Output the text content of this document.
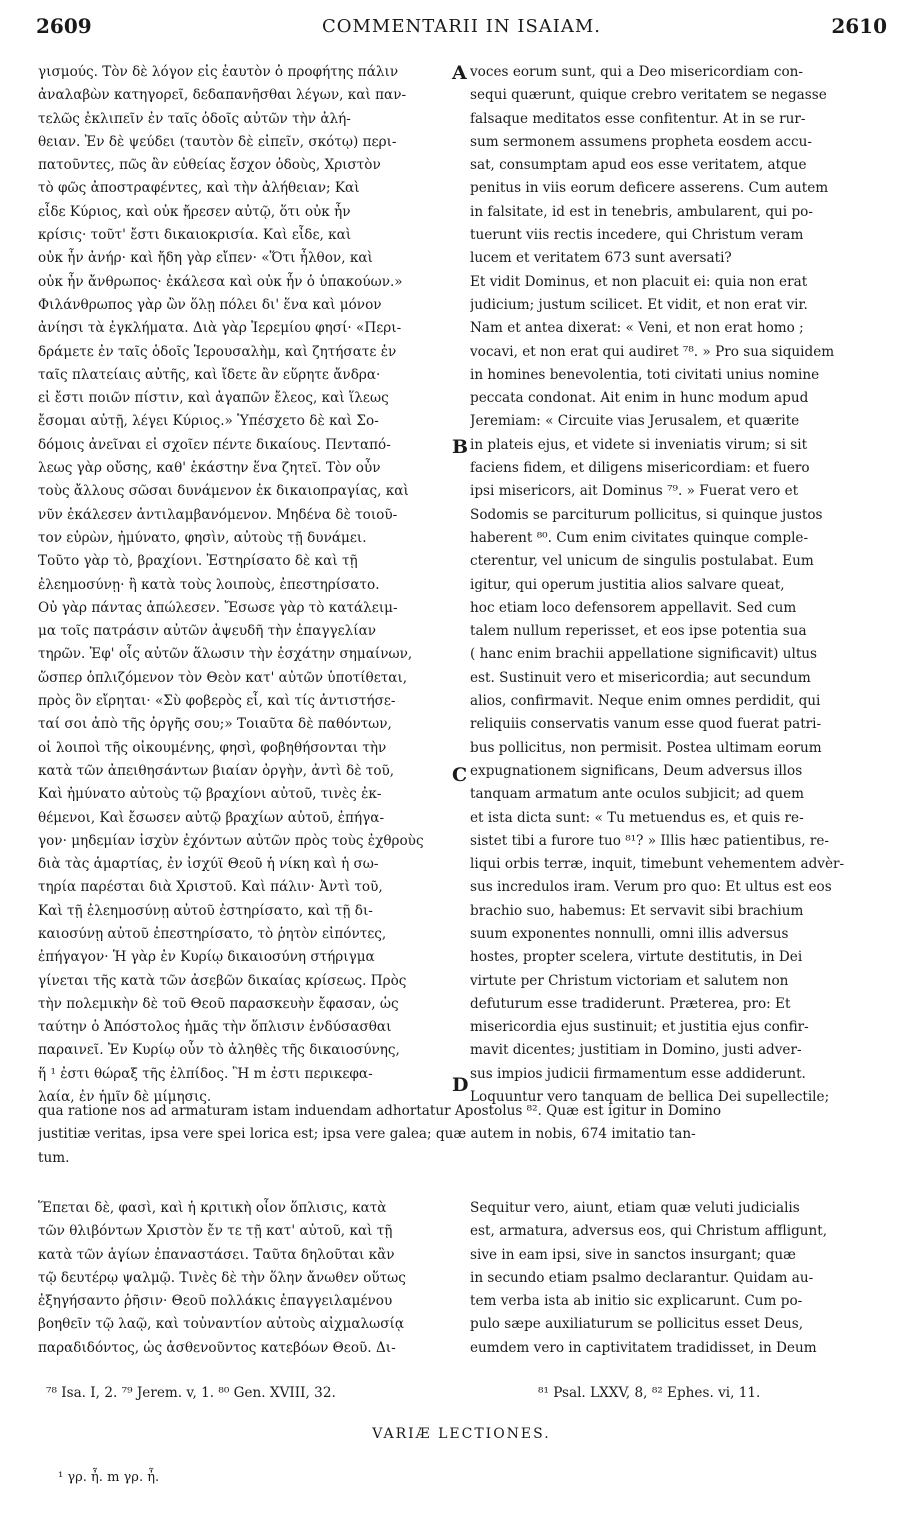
2609	COMMENTARII IN ISAIAM.	2610
A
B
C
D
γισμούς. Τὸν δὲ λόγον εἰς ἑαυτὸν ὁ προφήτης πάλιν
ἀναλαβὼν κατηγορεῖ, δεδαπανῆσθαι λέγων, καὶ παν-
τελῶς ἐκλιπεῖν ἐν ταῖς ὁδοῖς αὐτῶν τὴν ἀλή-
θειαν. Ἐν δὲ ψεύδει (ταυτὸν δὲ εἰπεῖν, σκότῳ) περι-
πατοῦντες, πῶς ἂν εὐθείας ἔσχον ὁδοὺς, Χριστὸν
τὸ φῶς ἀποστραφέντες, καὶ τὴν ἀλήθειαν; Καὶ
εἶδε Κύριος, καὶ οὐκ ἤρεσεν αὐτῷ, ὅτι οὐκ ἦν
κρίσις· τοῦτ' ἔστι δικαιοκρισία. Καὶ εἶδε, καὶ
οὐκ ἦν ἀνήρ· καὶ ἤδη γὰρ εἴπεν· «Ὅτι ἦλθον, καὶ
οὐκ ἦν ἄνθρωπος· ἐκάλεσα καὶ οὐκ ἦν ὁ ὑπακούων.»
Φιλάνθρωπος γὰρ ὢν ὅλῃ πόλει δι' ἕνα καὶ μόνον
ἀνίησι τὰ ἐγκλήματα. Διὰ γὰρ Ἱερεμίου φησί· «Περι-
δράμετε ἐν ταῖς ὁδοῖς Ἱερουσαλὴμ, καὶ ζητήσατε ἐν
ταῖς πλατείαις αὐτῆς, καὶ ἴδετε ἂν εὕρητε ἄνδρα·
εἰ ἔστι ποιῶν πίστιν, καὶ ἀγαπῶν ἔλεος, καὶ ἵλεως
ἔσομαι αὐτῇ, λέγει Κύριος.» Ὑπέσχετο δὲ καὶ Σο-
δόμοις ἀνεῖναι εἰ σχοῖεν πέντε δικαίους. Πενταπό-
λεως γὰρ οὔσης, καθ' ἑκάστην ἕνα ζητεῖ. Τὸν οὖν
τοὺς ἄλλους σῶσαι δυνάμενον ἐκ δικαιοπραγίας, καὶ
νῦν ἐκάλεσεν ἀντιλαμβανόμενον. Μηδένα δὲ τοιοῦ-
τον εὑρὼν, ἠμύνατο, φησὶν, αὐτοὺς τῇ δυνάμει.
Τοῦτο γὰρ τὸ, βραχίονι. Ἐστηρίσατο δὲ καὶ τῇ
ἐλεημοσύνῃ· ἢ κατὰ τοὺς λοιποὺς, ἐπεστηρίσατο.
Οὐ γὰρ πάντας ἀπώλεσεν. Ἔσωσε γὰρ τὸ κατάλειμ-
μα τοῖς πατράσιν αὐτῶν ἀψευδῆ τὴν ἐπαγγελίαν
τηρῶν. Ἐφ' οἷς αὐτῶν ἅλωσιν τὴν ἐσχάτην σημαίνων,
ὥσπερ ὁπλιζόμενον τὸν Θεὸν κατ' αὐτῶν ὑποτίθεται,
πρὸς ὃν εἴρηται· «Σὺ φοβερὸς εἶ, καὶ τίς ἀντιστήσε-
ταί σοι ἀπὸ τῆς ὀργῆς σου;» Τοιαῦτα δὲ παθόντων,
οἱ λοιποὶ τῆς οἰκουμένης, φησὶ, φοβηθήσονται τὴν
κατὰ τῶν ἀπειθησάντων βιαίαν ὀργὴν, ἀντὶ δὲ τοῦ,
Καὶ ἠμύνατο αὐτοὺς τῷ βραχίονι αὐτοῦ, τινὲς ἐκ-
θέμενοι, Καὶ ἔσωσεν αὐτῷ βραχίων αὐτοῦ, ἐπήγα-
γον· μηδεμίαν ἰσχὺν ἐχόντων αὐτῶν πρὸς τοὺς ἐχθροὺς
διὰ τὰς ἁμαρτίας, ἐν ἰσχύϊ Θεοῦ ἡ νίκη καὶ ἡ σω-
τηρία παρέσται διὰ Χριστοῦ. Καὶ πάλιν· Ἀντὶ τοῦ,
Καὶ τῇ ἐλεημοσύνῃ αὐτοῦ ἐστηρίσατο, καὶ τῇ δι-
καιοσύνῃ αὐτοῦ ἐπεστηρίσατο, τὸ ῥητὸν εἰπόντες,
ἐπήγαγον· Ἡ γὰρ ἐν Κυρίῳ δικαιοσύνη στήριγμα
γίνεται τῆς κατὰ τῶν ἀσεβῶν δικαίας κρίσεως. Πρὸς
τὴν πολεμικὴν δὲ τοῦ Θεοῦ παρασκευὴν ἔφασαν, ὡς
ταύτην ὁ Ἀπόστολος ἡμᾶς τὴν ὅπλισιν ἐνδύσασθαι
παραινεῖ. Ἐν Κυρίῳ οὖν τὸ ἀληθὲς τῆς δικαιοσύνης,
ἥ ¹ ἐστι θώραξ τῆς ἐλπίδος. Ἣ m ἐστι περικεφα-
λαία, ἐν ἡμῖν δὲ μίμησις.
voces eorum sunt, qui a Deo misericordiam con-
sequi quærunt, quique crebro veritatem se negasse
falsaque meditatos esse confitentur. At in se rur-
sum sermonem assumens propheta eosdem accu-
sat, consumptam apud eos esse veritatem, atque
penitus in viis eorum deficere asserens. Cum autem
in falsitate, id est in tenebris, ambularent, qui po-
tuerunt viis rectis incedere, qui Christum veram
lucem et veritatem 673 sunt aversati?
Et vidit Dominus, et non placuit ei: quia non erat
judicium; justum scilicet. Et vidit, et non erat vir.
Nam et antea dixerat: « Veni, et non erat homo ;
vocavi, et non erat qui audiret ⁷⁸. » Pro sua siquidem
in homines benevolentia, toti civitati unius nomine
peccata condonat. Ait enim in hunc modum apud
Jeremiam: « Circuite vias Jerusalem, et quærite
in plateis ejus, et videte si inveniatis virum; si sit
faciens fidem, et diligens misericordiam: et fuero
ipsi misericors, ait Dominus ⁷⁹. » Fuerat vero et
Sodomis se parciturum pollicitus, si quinque justos
haberent ⁸⁰. Cum enim civitates quinque comple-
cterentur, vel unicum de singulis postulabat. Eum
igitur, qui operum justitia alios salvare queat,
hoc etiam loco defensorem appellavit. Sed cum
talem nullum reperisset, et eos ipse potentia sua
( hanc enim brachii appellatione significavit) ultus
est. Sustinuit vero et misericordia; aut secundum
alios, confirmavit. Neque enim omnes perdidit, qui
reliquiis conservatis vanum esse quod fuerat patri-
bus pollicitus, non permisit. Postea ultimam eorum
expugnationem significans, Deum adversus illos
tanquam armatum ante oculos subjicit; ad quem
et ista dicta sunt: « Tu metuendus es, et quis re-
sistet tibi a furore tuo ⁸¹? » Illis hæc patientibus, re-
liqui orbis terræ, inquit, timebunt vehementem advèr-
sus incredulos iram. Verum pro quo: Et ultus est eos
brachio suo, habemus: Et servavit sibi brachium
suum exponentes nonnulli, omni illis adversus
hostes, propter scelera, virtute destitutis, in Dei
virtute per Christum victoriam et salutem non
defuturum esse tradiderunt. Præterea, pro: Et
misericordia ejus sustinuit; et justitia ejus confir-
mavit dicentes; justitiam in Domino, justi adver-
sus impios judicii firmamentum esse addiderunt.
Loquuntur vero tanquam de bellica Dei supellectile;
qua ratione nos ad armaturam istam induendam adhortatur Apostolus ⁸². Quæ est igitur in Domino
justitiæ veritas, ipsa vere spei lorica est; ipsa vere galea; quæ autem in nobis, 674 imitatio tan-
tum.
Ἕπεται δὲ, φασὶ, καὶ ἡ κριτικὴ οἷον ὅπλισις, κατὰ
τῶν θλιβόντων Χριστὸν ἔν τε τῇ κατ' αὐτοῦ, καὶ τῇ
κατὰ τῶν ἁγίων ἐπαναστάσει. Ταῦτα δηλοῦται κἂν
τῷ δευτέρῳ ψαλμῷ. Τινὲς δὲ τὴν ὅλην ἄνωθεν οὕτως
ἐξηγήσαντο ῥῆσιν· Θεοῦ πολλάκις ἐπαγγειλαμένου
βοηθεῖν τῷ λαῷ, καὶ τοὐναντίον αὐτοὺς αἰχμαλωσίᾳ
παραδιδόντος, ὡς ἀσθενοῦντος κατεβόων Θεοῦ. Δι-
Sequitur vero, aiunt, etiam quæ veluti judicialis
est, armatura, adversus eos, qui Christum affligunt,
sive in eam ipsi, sive in sanctos insurgant; quæ
in secundo etiam psalmo declarantur. Quidam au-
tem verba ista ab initio sic explicarunt. Cum po-
pulo sæpe auxiliaturum se pollicitus esset Deus,
eumdem vero in captivitatem tradidisset, in Deum
⁷⁸ Isa. I, 2. ⁷⁹ Jerem. v, 1. ⁸⁰ Gen. XVIII, 32.	⁸¹ Psal. LXXV, 8, ⁸² Ephes. vi, 11.
VARIÆ LECTIONES.
¹ γρ. ἦ. m γρ. ἦ.
